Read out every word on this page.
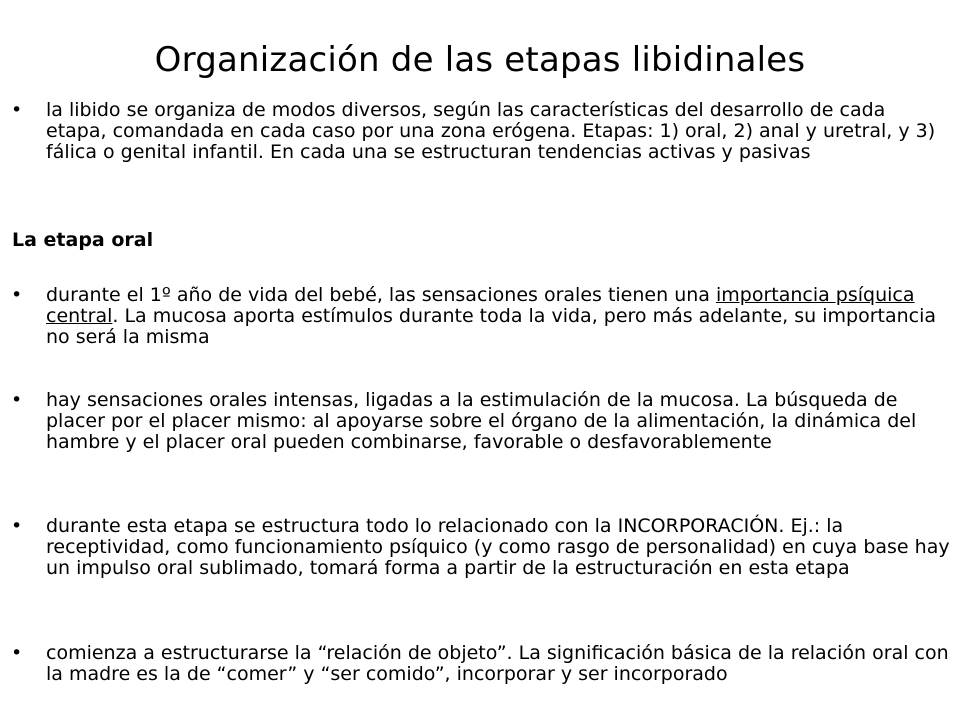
Organización de las etapas libidinales
• la libido se organiza de modos diversos, según las características del desarrollo de cada etapa, comandada en cada caso por una zona erógena. Etapas: 1) oral, 2) anal y uretral, y 3) fálica o genital infantil. En cada una se estructuran tendencias activas y pasivas
La etapa oral
• durante el 1º año de vida del bebé, las sensaciones orales tienen una importancia psíquica central. La mucosa aporta estímulos durante toda la vida, pero más adelante, su importancia no será la misma
• hay sensaciones orales intensas, ligadas a la estimulación de la mucosa. La búsqueda de placer por el placer mismo: al apoyarse sobre el órgano de la alimentación, la dinámica del hambre y el placer oral pueden combinarse, favorable o desfavorablemente
• durante esta etapa se estructura todo lo relacionado con la INCORPORACIÓN. Ej.: la receptividad, como funcionamiento psíquico (y como rasgo de personalidad) en cuya base hay un impulso oral sublimado, tomará forma a partir de la estructuración en esta etapa
• comienza a estructurarse la “relación de objeto”. La significación básica de la relación oral con la madre es la de “comer” y “ser comido”, incorporar y ser incorporado
